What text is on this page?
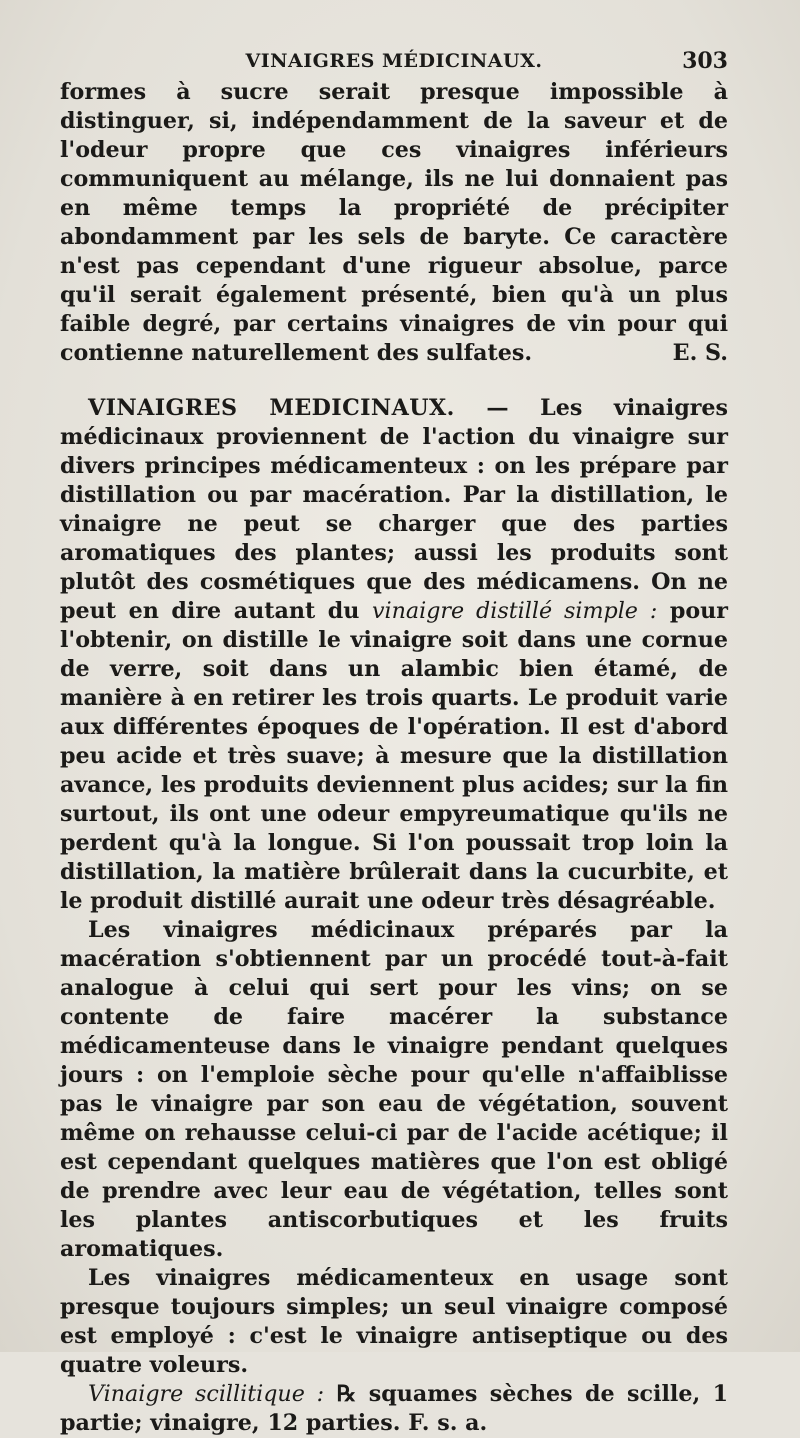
VINAIGRES MÉDICINAUX.	303

formes à sucre serait presque impossible à distinguer, si, indépendamment de la saveur et de l'odeur propre que ces vinaigres inférieurs communiquent au mélange, ils ne lui donnaient pas en même temps la propriété de précipiter abondamment par les sels de baryte. Ce caractère n'est pas cependant d'une rigueur absolue, parce qu'il serait également présenté, bien qu'à un plus faible degré, par certains vinaigres de vin pour qui contienne naturellement des sulfates.	E. S.

VINAIGRES MEDICINAUX. — Les vinaigres médicinaux proviennent de l'action du vinaigre sur divers principes médicamenteux : on les prépare par distillation ou par macération. Par la distillation, le vinaigre ne peut se charger que des parties aromatiques des plantes; aussi les produits sont plutôt des cosmétiques que des médicamens. On ne peut en dire autant du vinaigre distillé simple : pour l'obtenir, on distille le vinaigre soit dans une cornue de verre, soit dans un alambic bien étamé, de manière à en retirer les trois quarts. Le produit varie aux différentes époques de l'opération. Il est d'abord peu acide et très suave; à mesure que la distillation avance, les produits deviennent plus acides; sur la fin surtout, ils ont une odeur empyreumatique qu'ils ne perdent qu'à la longue. Si l'on poussait trop loin la distillation, la matière brûlerait dans la cucurbite, et le produit distillé aurait une odeur très désagréable.

Les vinaigres médicinaux préparés par la macération s'obtiennent par un procédé tout-à-fait analogue à celui qui sert pour les vins; on se contente de faire macérer la substance médicamenteuse dans le vinaigre pendant quelques jours : on l'emploie sèche pour qu'elle n'affaiblisse pas le vinaigre par son eau de végétation, souvent même on rehausse celui-ci par de l'acide acétique; il est cependant quelques matières que l'on est obligé de prendre avec leur eau de végétation, telles sont les plantes antiscorbutiques et les fruits aromatiques.

Les vinaigres médicamenteux en usage sont presque toujours simples; un seul vinaigre composé est employé : c'est le vinaigre antiseptique ou des quatre voleurs.

Vinaigre scillitique : ℞ squames sèches de scille, 1 partie; vinaigre, 12 parties. F. s. a.
